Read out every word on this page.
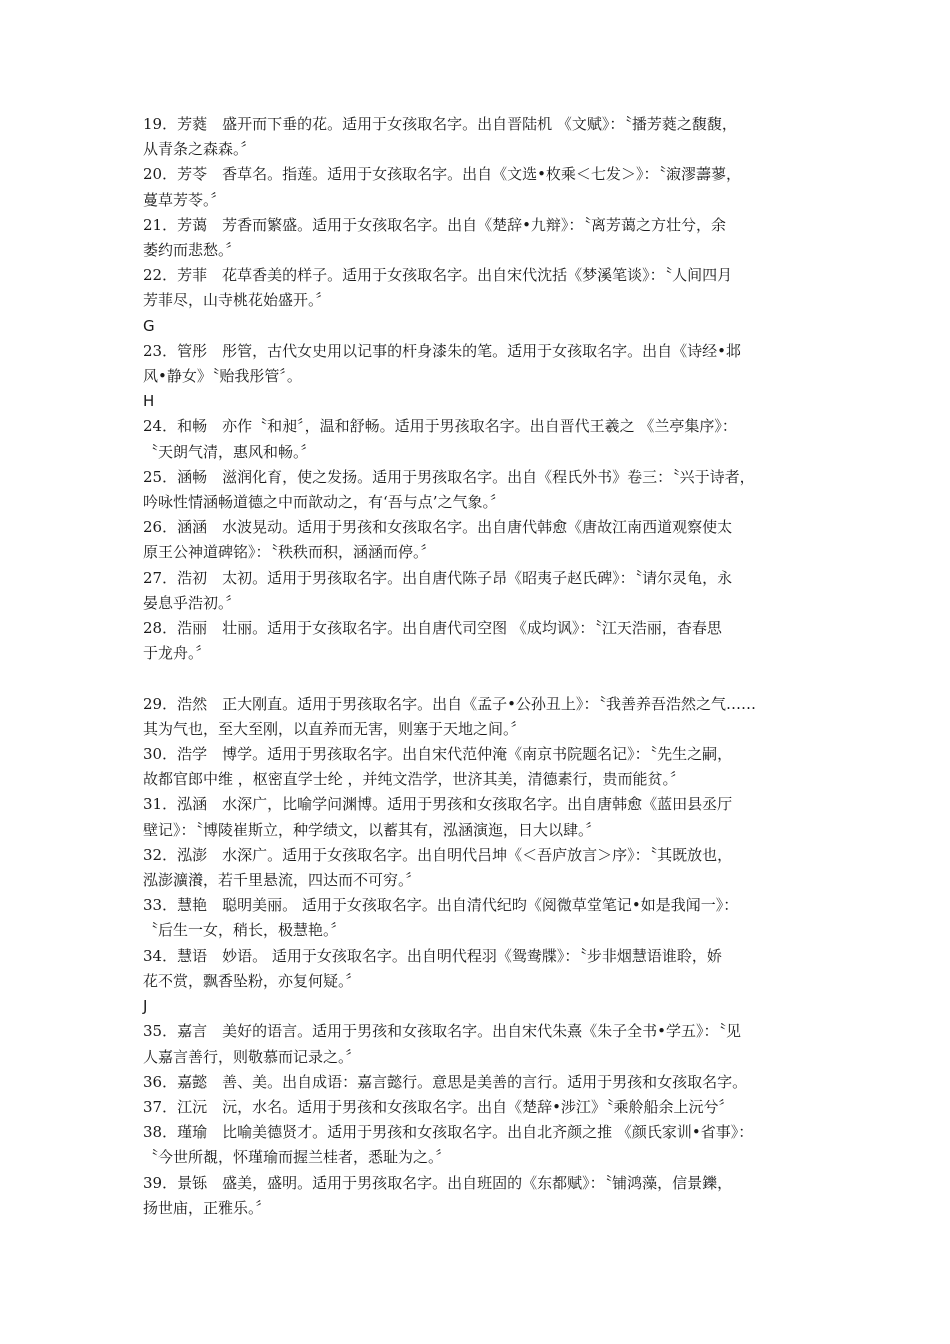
19．芳蕤　盛开而下垂的花。适用于女孩取名字。出自晋陆机 《文赋》：〝播芳蕤之馥馥，

从青条之森森。〞

20．芳苓　香草名。指莲。适用于女孩取名字。出自《文选•枚乘＜七发＞》：〝漃漻薵蓼，

蔓草芳苓。〞

21．芳蔼　芳香而繁盛。适用于女孩取名字。出自《楚辞•九辩》：〝离芳蔼之方壮兮，余

萎约而悲愁。〞

22．芳菲　花草香美的样子。适用于女孩取名字。出自宋代沈括《梦溪笔谈》：〝人间四月

芳菲尽，山寺桃花始盛开。〞

G

23．管彤　彤管，古代女史用以记事的杆身漆朱的笔。适用于女孩取名字。出自《诗经•邶

风•静女》〝贻我彤管〞。

H

24．和畅　亦作〝和昶〞，温和舒畅。适用于男孩取名字。出自晋代王羲之 《兰亭集序》：

〝天朗气清，惠风和畅。〞

25．涵畅　滋润化育，使之发扬。适用于男孩取名字。出自《程氏外书》卷三：〝兴于诗者，

吟咏性情涵畅道德之中而歆动之，有‘吾与点’之气象。〞

26．涵涵　水波晃动。适用于男孩和女孩取名字。出自唐代韩愈《唐故江南西道观察使太

原王公神道碑铭》：〝秩秩而积，涵涵而停。〞

27．浩初　太初。适用于男孩取名字。出自唐代陈子昂《昭夷子赵氏碑》：〝请尔灵龟，永

晏息乎浩初。〞

28．浩丽　壮丽。适用于女孩取名字。出自唐代司空图 《成均讽》：〝江天浩丽，杳春思

于龙舟。〞

29．浩然　正大刚直。适用于男孩取名字。出自《孟子•公孙丑上》：〝我善养吾浩然之气……

其为气也，至大至刚，以直养而无害，则塞于天地之间。〞

30．浩学　博学。适用于男孩取名字。出自宋代范仲淹《南京书院题名记》：〝先生之嗣，

故都官郎中维 ，枢密直学士纶 ，并纯文浩学，世济其美，清德素行，贵而能贫。〞

31．泓涵　水深广，比喻学问渊博。适用于男孩和女孩取名字。出自唐韩愈《蓝田县丞厅

壁记》：〝博陵崔斯立，种学绩文，以蓄其有，泓涵演迤，日大以肆。〞

32．泓澎　水深广。适用于女孩取名字。出自明代吕坤《＜吾庐放言＞序》：〝其既放也，

泓澎瀇瀁，若千里悬流，四达而不可穷。〞

33．慧艳　聪明美丽。 适用于女孩取名字。出自清代纪昀《阅微草堂笔记•如是我闻一》：

〝后生一女，稍长，极慧艳。〞

34．慧语　妙语。 适用于女孩取名字。出自明代程羽《鸳鸯牒》：〝步非烟慧语谁聆，娇

花不赏，飘香坠粉，亦复何疑。〞

J

35．嘉言　美好的语言。适用于男孩和女孩取名字。出自宋代朱熹《朱子全书•学五》：〝见

人嘉言善行，则敬慕而记录之。〞

36．嘉懿　善、美。出自成语：嘉言懿行。意思是美善的言行。适用于男孩和女孩取名字。

37．江沅　沅，水名。适用于男孩和女孩取名字。出自《楚辞•涉江》〝乘舲船余上沅兮〞

38．瑾瑜　比喻美德贤才。适用于男孩和女孩取名字。出自北齐颜之推 《颜氏家训•省事》：

〝今世所覩，怀瑾瑜而握兰桂者，悉耻为之。〞

39．景铄　盛美，盛明。适用于男孩取名字。出自班固的《东都赋》：〝铺鸿藻，信景鑠，

扬世庙，正雅乐。〞
